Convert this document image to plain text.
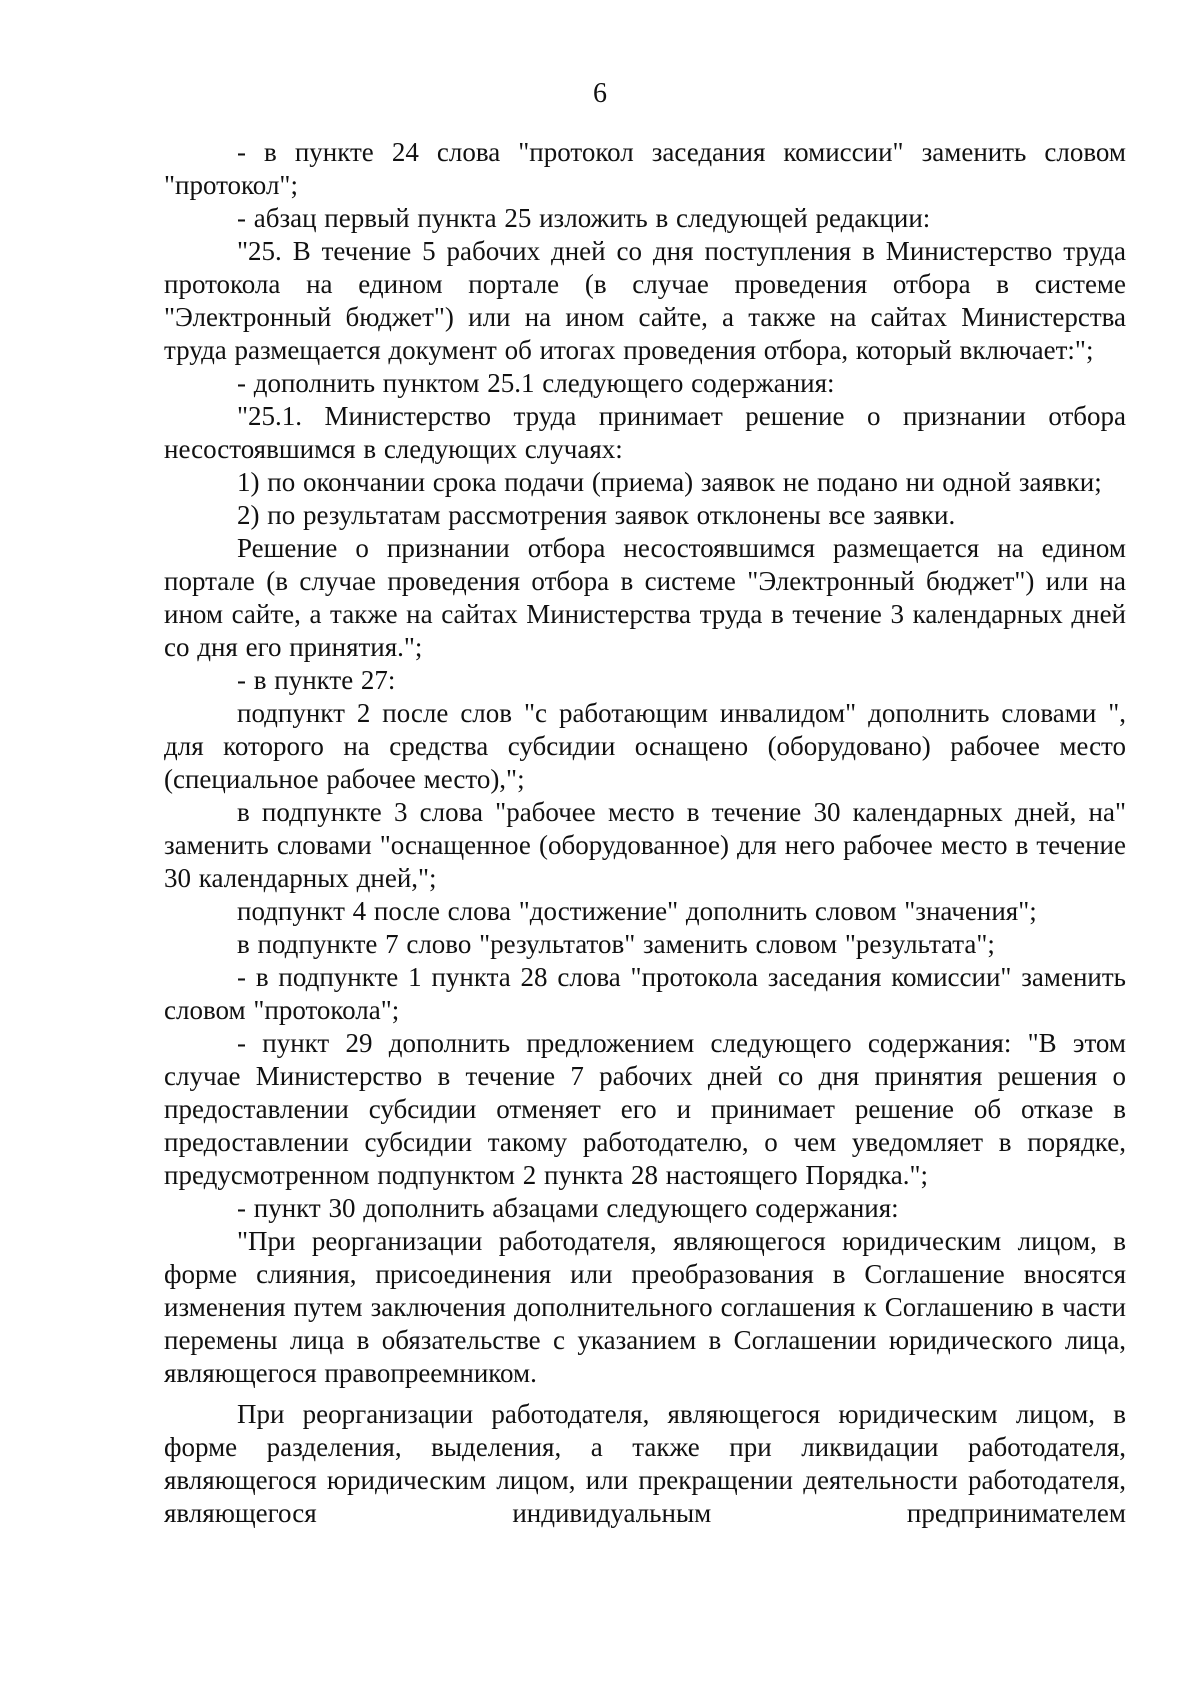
6

- в пункте 24 слова "протокол заседания комиссии" заменить словом "протокол";

- абзац первый пункта 25 изложить в следующей редакции:

"25. В течение 5 рабочих дней со дня поступления в Министерство труда протокола на едином портале (в случае проведения отбора в системе "Электронный бюджет") или на ином сайте, а также на сайтах Министерства труда размещается документ об итогах проведения отбора, который включает:";

- дополнить пунктом 25.1 следующего содержания:

"25.1. Министерство труда принимает решение о признании отбора несостоявшимся в следующих случаях:

1) по окончании срока подачи (приема) заявок не подано ни одной заявки;

2) по результатам рассмотрения заявок отклонены все заявки.

Решение о признании отбора несостоявшимся размещается на едином портале (в случае проведения отбора в системе "Электронный бюджет") или на ином сайте, а также на сайтах Министерства труда в течение 3 календарных дней со дня его принятия.";

- в пункте 27:

подпункт 2 после слов "с работающим инвалидом" дополнить словами ", для которого на средства субсидии оснащено (оборудовано) рабочее место (специальное рабочее место),";

в подпункте 3 слова "рабочее место в течение 30 календарных дней, на" заменить словами "оснащенное (оборудованное) для него рабочее место в течение 30 календарных дней,";

подпункт 4 после слова "достижение" дополнить словом "значения";

в подпункте 7 слово "результатов" заменить словом "результата";

- в подпункте 1 пункта 28 слова "протокола заседания комиссии" заменить словом "протокола";

- пункт 29 дополнить предложением следующего содержания: "В этом случае Министерство в течение 7 рабочих дней со дня принятия решения о предоставлении субсидии отменяет его и принимает решение об отказе в предоставлении субсидии такому работодателю, о чем уведомляет в порядке, предусмотренном подпунктом 2 пункта 28 настоящего Порядка.";

- пункт 30 дополнить абзацами следующего содержания:

"При реорганизации работодателя, являющегося юридическим лицом, в форме слияния, присоединения или преобразования в Соглашение вносятся изменения путем заключения дополнительного соглашения к Соглашению в части перемены лица в обязательстве с указанием в Соглашении юридического лица, являющегося правопреемником.

При реорганизации работодателя, являющегося юридическим лицом, в форме разделения, выделения, а также при ликвидации работодателя, являющегося юридическим лицом, или прекращении деятельности работодателя, являющегося индивидуальным предпринимателем
